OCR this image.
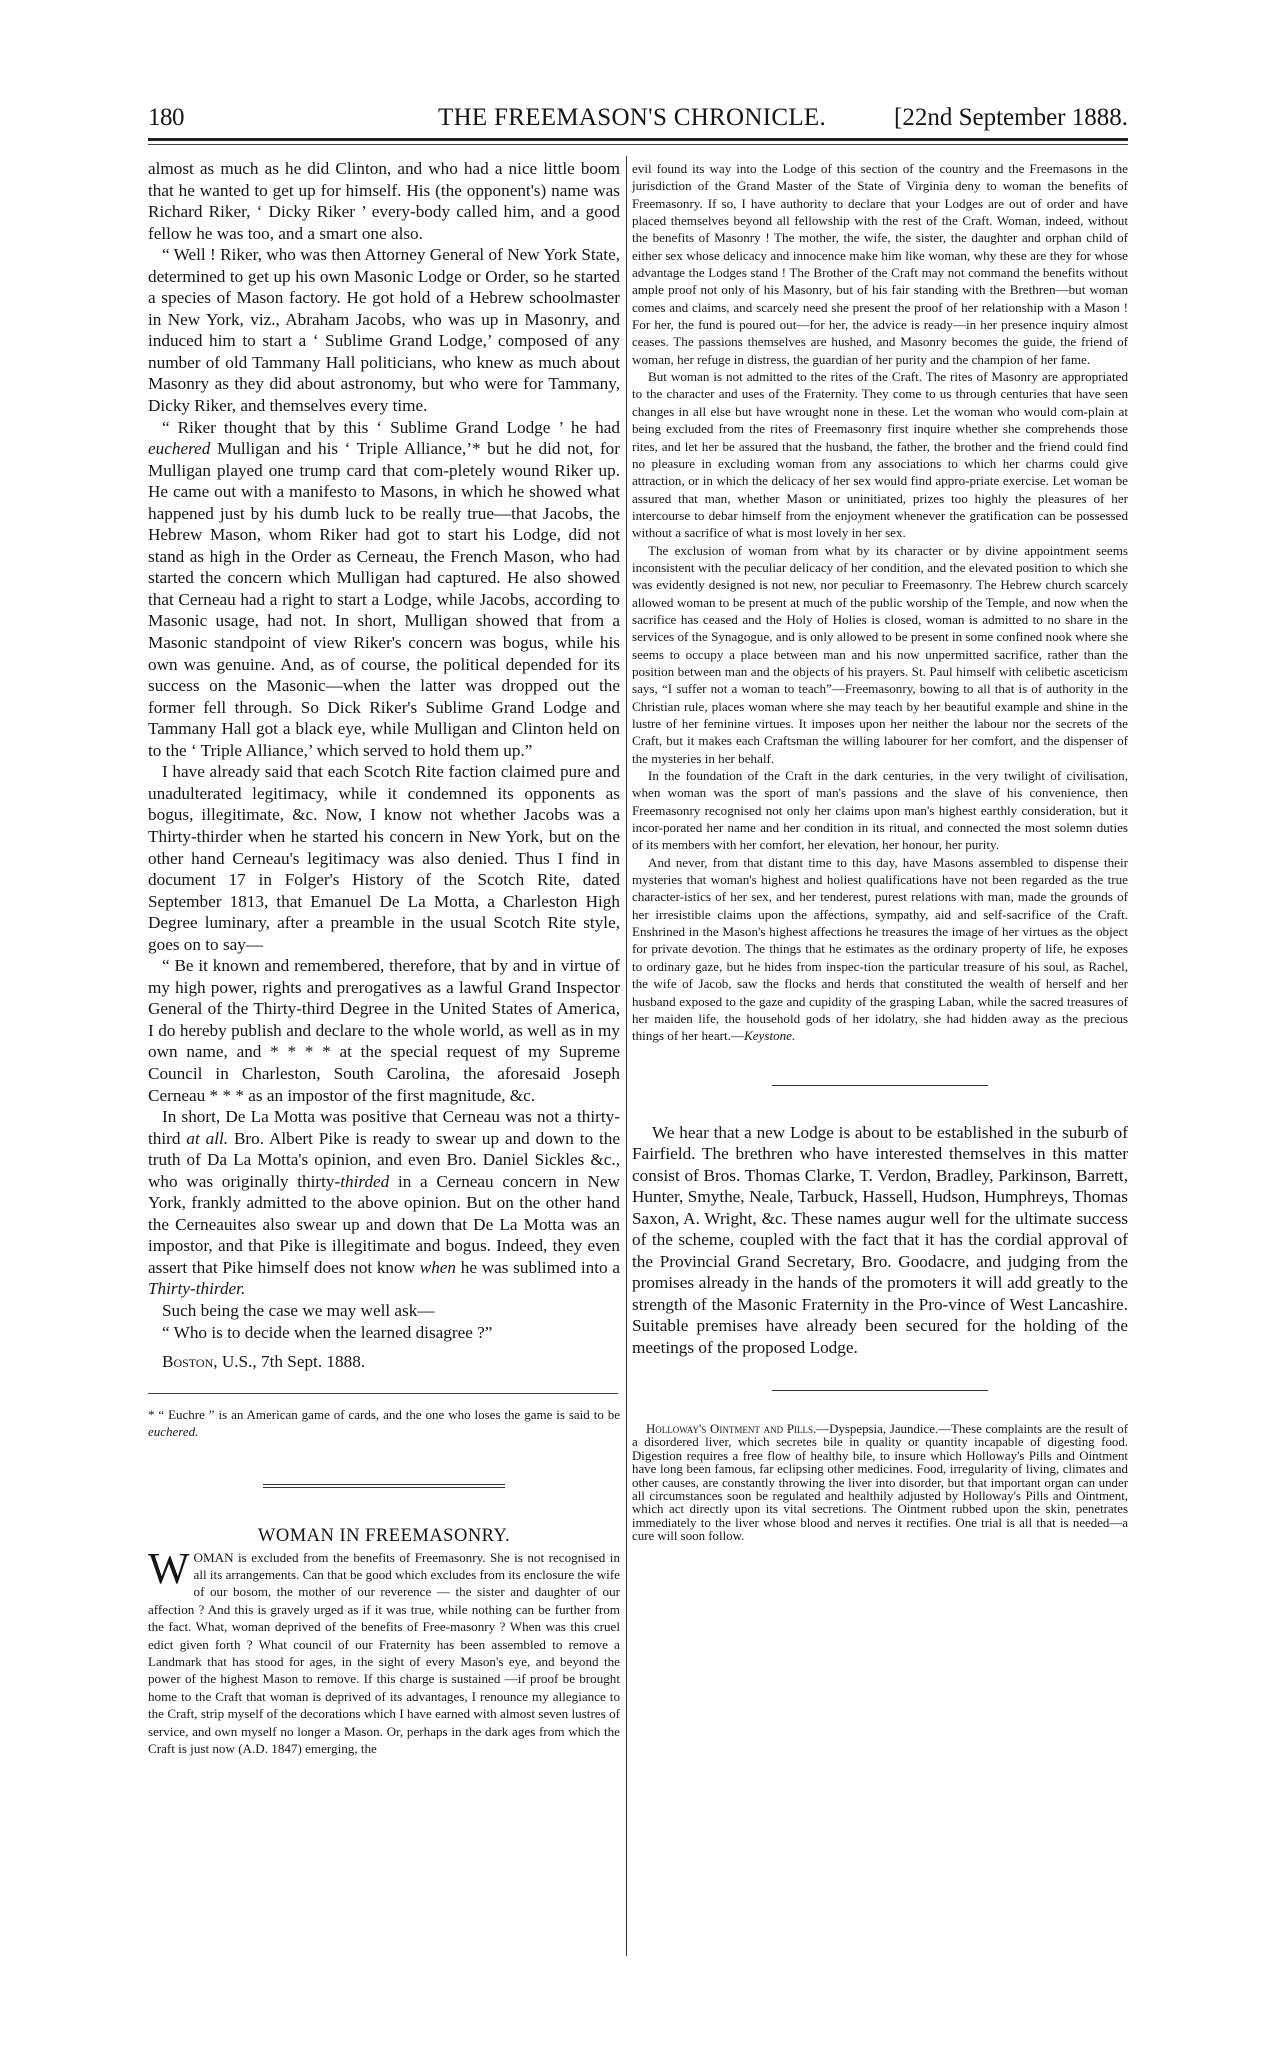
180	THE FREEMASON'S CHRONICLE.	[22nd September 1888.

almost as much as he did Clinton, and who had a nice little boom that he wanted to get up for himself. His (the opponent's) name was Richard Riker, ‘ Dicky Riker ’ every-body called him, and a good fellow he was too, and a smart one also.

“ Well ! Riker, who was then Attorney General of New York State, determined to get up his own Masonic Lodge or Order, so he started a species of Mason factory. He got hold of a Hebrew schoolmaster in New York, viz., Abraham Jacobs, who was up in Masonry, and induced him to start a ‘ Sublime Grand Lodge,’ composed of any number of old Tammany Hall politicians, who knew as much about Masonry as they did about astronomy, but who were for Tammany, Dicky Riker, and themselves every time.

“ Riker thought that by this ‘ Sublime Grand Lodge ’ he had euchered Mulligan and his ‘ Triple Alliance,’* but he did not, for Mulligan played one trump card that com-pletely wound Riker up. He came out with a manifesto to Masons, in which he showed what happened just by his dumb luck to be really true—that Jacobs, the Hebrew Mason, whom Riker had got to start his Lodge, did not stand as high in the Order as Cerneau, the French Mason, who had started the concern which Mulligan had captured. He also showed that Cerneau had a right to start a Lodge, while Jacobs, according to Masonic usage, had not. In short, Mulligan showed that from a Masonic standpoint of view Riker's concern was bogus, while his own was genuine. And, as of course, the political depended for its success on the Masonic—when the latter was dropped out the former fell through. So Dick Riker's Sublime Grand Lodge and Tammany Hall got a black eye, while Mulligan and Clinton held on to the ‘ Triple Alliance,’ which served to hold them up.”

I have already said that each Scotch Rite faction claimed pure and unadulterated legitimacy, while it condemned its opponents as bogus, illegitimate, &c. Now, I know not whether Jacobs was a Thirty-thirder when he started his concern in New York, but on the other hand Cerneau's legitimacy was also denied. Thus I find in document 17 in Folger's History of the Scotch Rite, dated September 1813, that Emanuel De La Motta, a Charleston High Degree luminary, after a preamble in the usual Scotch Rite style, goes on to say—

“ Be it known and remembered, therefore, that by and in virtue of my high power, rights and prerogatives as a lawful Grand Inspector General of the Thirty-third Degree in the United States of America, I do hereby publish and declare to the whole world, as well as in my own name, and * * * * at the special request of my Supreme Council in Charleston, South Carolina, the aforesaid Joseph Cerneau * * * as an impostor of the first magnitude, &c.

In short, De La Motta was positive that Cerneau was not a thirty-third at all. Bro. Albert Pike is ready to swear up and down to the truth of Da La Motta's opinion, and even Bro. Daniel Sickles &c., who was originally thirty-thirded in a Cerneau concern in New York, frankly admitted to the above opinion. But on the other hand the Cerneauites also swear up and down that De La Motta was an impostor, and that Pike is illegitimate and bogus. Indeed, they even assert that Pike himself does not know when he was sublimed into a Thirty-thirder.

Such being the case we may well ask—

“ Who is to decide when the learned disagree ?”

Boston, U.S., 7th Sept. 1888.

* “ Euchre ” is an American game of cards, and the one who loses the game is said to be euchered.

WOMAN IN FREEMASONRY.

WOMAN is excluded from the benefits of Freemasonry. She is not recognised in all its arrangements. Can that be good which excludes from its enclosure the wife of our bosom, the mother of our reverence — the sister and daughter of our affection ? And this is gravely urged as if it was true, while nothing can be further from the fact. What, woman deprived of the benefits of Free-masonry ? When was this cruel edict given forth ? What council of our Fraternity has been assembled to remove a Landmark that has stood for ages, in the sight of every Mason's eye, and beyond the power of the highest Mason to remove. If this charge is sustained —if proof be brought home to the Craft that woman is deprived of its advantages, I renounce my allegiance to the Craft, strip myself of the decorations which I have earned with almost seven lustres of service, and own myself no longer a Mason. Or, perhaps in the dark ages from which the Craft is just now (A.D. 1847) emerging, the

evil found its way into the Lodge of this section of the country and the Freemasons in the jurisdiction of the Grand Master of the State of Virginia deny to woman the benefits of Freemasonry. If so, I have authority to declare that your Lodges are out of order and have placed themselves beyond all fellowship with the rest of the Craft. Woman, indeed, without the benefits of Masonry ! The mother, the wife, the sister, the daughter and orphan child of either sex whose delicacy and innocence make him like woman, why these are they for whose advantage the Lodges stand ! The Brother of the Craft may not command the benefits without ample proof not only of his Masonry, but of his fair standing with the Brethren—but woman comes and claims, and scarcely need she present the proof of her relationship with a Mason ! For her, the fund is poured out—for her, the advice is ready—in her presence inquiry almost ceases. The passions themselves are hushed, and Masonry becomes the guide, the friend of woman, her refuge in distress, the guardian of her purity and the champion of her fame.

But woman is not admitted to the rites of the Craft. The rites of Masonry are appropriated to the character and uses of the Fraternity. They come to us through centuries that have seen changes in all else but have wrought none in these. Let the woman who would com-plain at being excluded from the rites of Freemasonry first inquire whether she comprehends those rites, and let her be assured that the husband, the father, the brother and the friend could find no pleasure in excluding woman from any associations to which her charms could give attraction, or in which the delicacy of her sex would find appro-priate exercise. Let woman be assured that man, whether Mason or uninitiated, prizes too highly the pleasures of her intercourse to debar himself from the enjoyment whenever the gratification can be possessed without a sacrifice of what is most lovely in her sex.

The exclusion of woman from what by its character or by divine appointment seems inconsistent with the peculiar delicacy of her condition, and the elevated position to which she was evidently designed is not new, nor peculiar to Freemasonry. The Hebrew church scarcely allowed woman to be present at much of the public worship of the Temple, and now when the sacrifice has ceased and the Holy of Holies is closed, woman is admitted to no share in the services of the Synagogue, and is only allowed to be present in some confined nook where she seems to occupy a place between man and his now unpermitted sacrifice, rather than the position between man and the objects of his prayers. St. Paul himself with celibetic asceticism says, “I suffer not a woman to teach”—Freemasonry, bowing to all that is of authority in the Christian rule, places woman where she may teach by her beautiful example and shine in the lustre of her feminine virtues. It imposes upon her neither the labour nor the secrets of the Craft, but it makes each Craftsman the willing labourer for her comfort, and the dispenser of the mysteries in her behalf.

In the foundation of the Craft in the dark centuries, in the very twilight of civilisation, when woman was the sport of man's passions and the slave of his convenience, then Freemasonry recognised not only her claims upon man's highest earthly consideration, but it incor-porated her name and her condition in its ritual, and connected the most solemn duties of its members with her comfort, her elevation, her honour, her purity.

And never, from that distant time to this day, have Masons assembled to dispense their mysteries that woman's highest and holiest qualifications have not been regarded as the true character-istics of her sex, and her tenderest, purest relations with man, made the grounds of her irresistible claims upon the affections, sympathy, aid and self-sacrifice of the Craft. Enshrined in the Mason's highest affections he treasures the image of her virtues as the object for private devotion. The things that he estimates as the ordinary property of life, he exposes to ordinary gaze, but he hides from inspec-tion the particular treasure of his soul, as Rachel, the wife of Jacob, saw the flocks and herds that constituted the wealth of herself and her husband exposed to the gaze and cupidity of the grasping Laban, while the sacred treasures of her maiden life, the household gods of her idolatry, she had hidden away as the precious things of her heart.—Keystone.

We hear that a new Lodge is about to be established in the suburb of Fairfield. The brethren who have interested themselves in this matter consist of Bros. Thomas Clarke, T. Verdon, Bradley, Parkinson, Barrett, Hunter, Smythe, Neale, Tarbuck, Hassell, Hudson, Humphreys, Thomas Saxon, A. Wright, &c. These names augur well for the ultimate success of the scheme, coupled with the fact that it has the cordial approval of the Provincial Grand Secretary, Bro. Goodacre, and judging from the promises already in the hands of the promoters it will add greatly to the strength of the Masonic Fraternity in the Pro-vince of West Lancashire. Suitable premises have already been secured for the holding of the meetings of the proposed Lodge.

Holloway's Ointment and Pills.—Dyspepsia, Jaundice.—These complaints are the result of a disordered liver, which secretes bile in quality or quantity incapable of digesting food. Digestion requires a free flow of healthy bile, to insure which Holloway's Pills and Ointment have long been famous, far eclipsing other medicines. Food, irregularity of living, climates and other causes, are constantly throwing the liver into disorder, but that important organ can under all circumstances soon be regulated and healthily adjusted by Holloway's Pills and Ointment, which act directly upon its vital secretions. The Ointment rubbed upon the skin, penetrates immediately to the liver whose blood and nerves it rectifies. One trial is all that is needed—a cure will soon follow.
